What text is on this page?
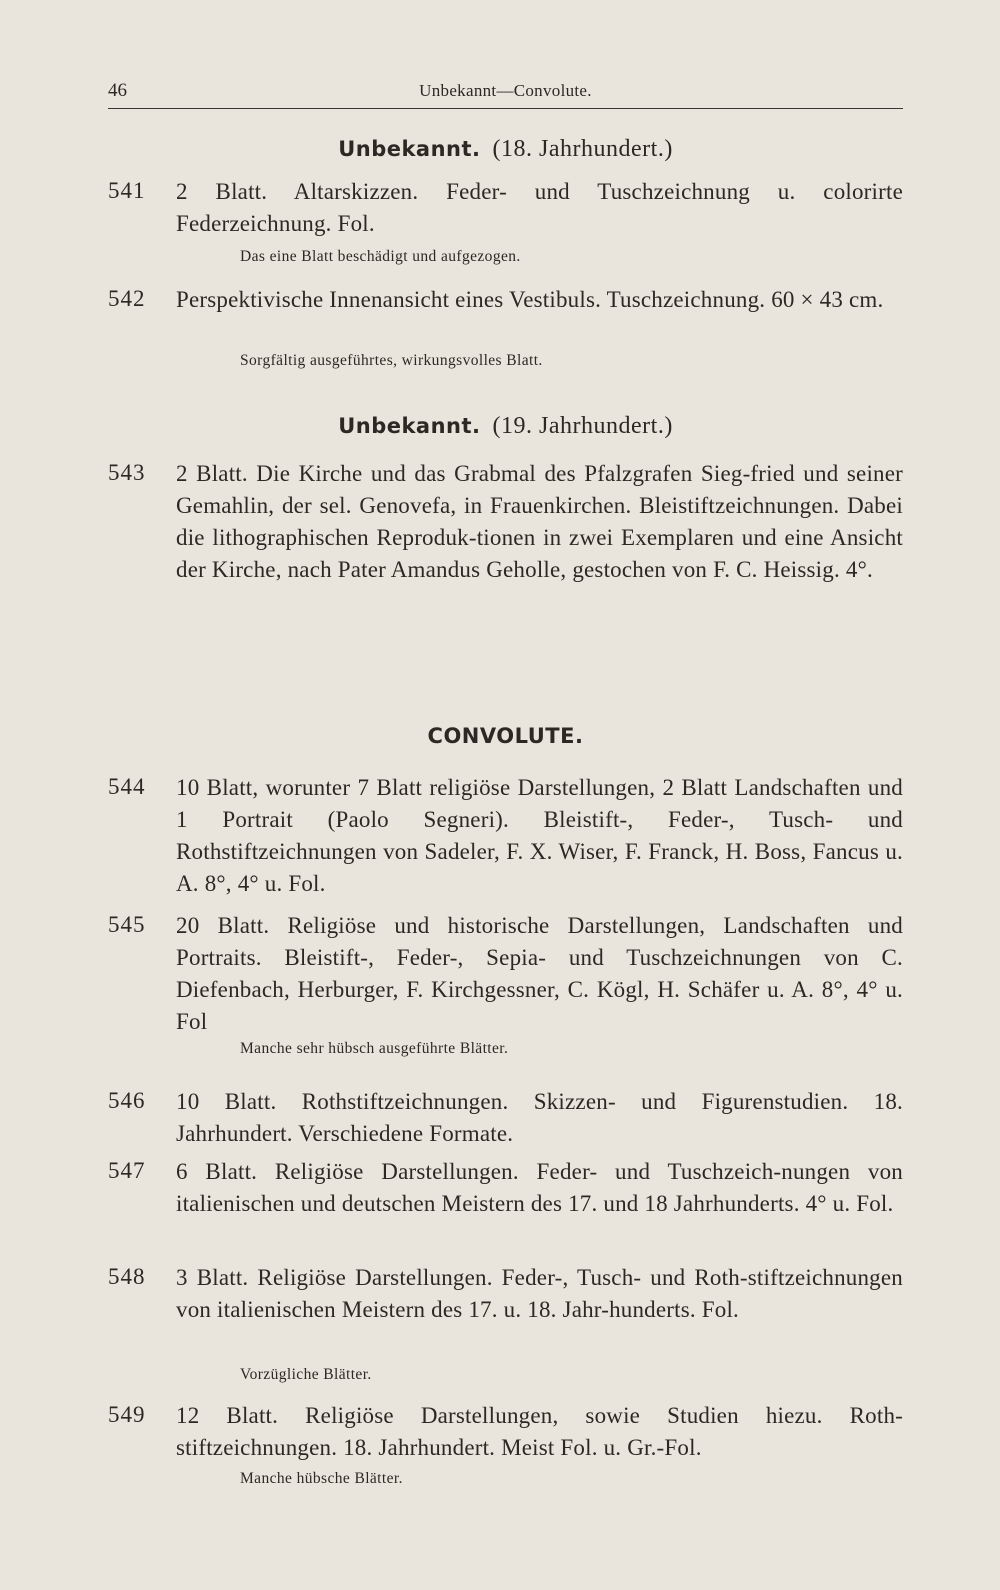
46	Unbekannt—Convolute.
Unbekannt. (18. Jahrhundert.)
541 2 Blatt. Altarskizzen. Feder- und Tuschzeichnung u. colorirte Federzeichnung. Fol.
Das eine Blatt beschädigt und aufgezogen.
542 Perspektivische Innenansicht eines Vestibuls. Tuschzeichnung. 60 × 43 cm.
Sorgfältig ausgeführtes, wirkungsvolles Blatt.
Unbekannt. (19. Jahrhundert.)
543 2 Blatt. Die Kirche und das Grabmal des Pfalzgrafen Sieg-fried und seiner Gemahlin, der sel. Genovefa, in Frauenkirchen. Bleistiftzeichnungen. Dabei die lithographischen Reproduk-tionen in zwei Exemplaren und eine Ansicht der Kirche, nach Pater Amandus Geholle, gestochen von F. C. Heissig. 4°.
CONVOLUTE.
544 10 Blatt, worunter 7 Blatt religiöse Darstellungen, 2 Blatt Landschaften und 1 Portrait (Paolo Segneri). Bleistift-, Feder-, Tusch- und Rothstiftzeichnungen von Sadeler, F. X. Wiser, F. Franck, H. Boss, Fancus u. A. 8°, 4° u. Fol.
545 20 Blatt. Religiöse und historische Darstellungen, Landschaften und Portraits. Bleistift-, Feder-, Sepia- und Tuschzeichnungen von C. Diefenbach, Herburger, F. Kirchgessner, C. Kögl, H. Schäfer u. A. 8°, 4° u. Fol
Manche sehr hübsch ausgeführte Blätter.
546 10 Blatt. Rothstiftzeichnungen. Skizzen- und Figurenstudien. 18. Jahrhundert. Verschiedene Formate.
547 6 Blatt. Religiöse Darstellungen. Feder- und Tuschzeich-nungen von italienischen und deutschen Meistern des 17. und 18 Jahrhunderts. 4° u. Fol.
548 3 Blatt. Religiöse Darstellungen. Feder-, Tusch- und Roth-stiftzeichnungen von italienischen Meistern des 17. u. 18. Jahr-hunderts. Fol.
Vorzügliche Blätter.
549 12 Blatt. Religiöse Darstellungen, sowie Studien hiezu. Roth-stiftzeichnungen. 18. Jahrhundert. Meist Fol. u. Gr.-Fol.
Manche hübsche Blätter.
